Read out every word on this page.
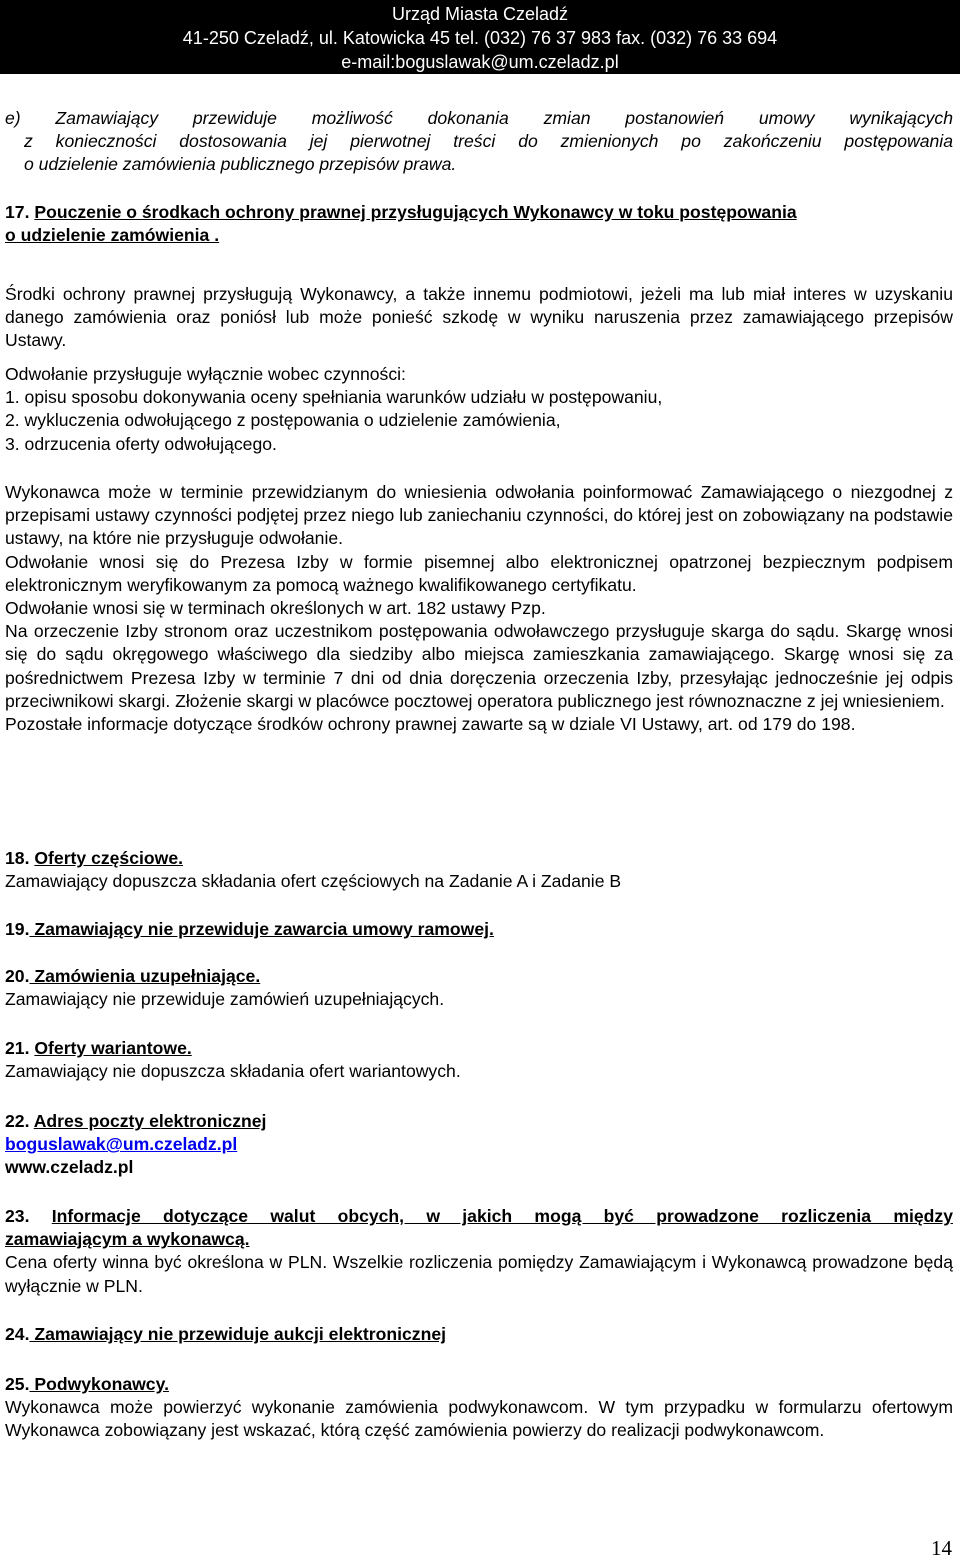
Urząd Miasta Czeladź
41-250 Czeladź, ul. Katowicka 45 tel. (032) 76 37 983 fax. (032) 76 33 694
e-mail:boguslawak@um.czeladz.pl
e) Zamawiający przewiduje możliwość dokonania zmian postanowień umowy wynikających
z konieczności dostosowania jej pierwotnej treści do zmienionych po zakończeniu postępowania
o udzielenie zamówienia publicznego przepisów prawa.
17. Pouczenie o środkach ochrony prawnej przysługujących Wykonawcy w toku postępowania
o udzielenie zamówienia .
Środki ochrony prawnej przysługują Wykonawcy, a także innemu podmiotowi, jeżeli ma lub miał interes w uzyskaniu danego zamówienia oraz poniósł lub może ponieść szkodę w wyniku naruszenia przez zamawiającego przepisów Ustawy.
Odwołanie przysługuje wyłącznie wobec czynności:
1. opisu sposobu dokonywania oceny spełniania warunków udziału w postępowaniu,
2. wykluczenia odwołującego z postępowania o udzielenie zamówienia,
3. odrzucenia oferty odwołującego.
Wykonawca może w terminie przewidzianym do wniesienia odwołania poinformować Zamawiającego o niezgodnej z przepisami ustawy czynności podjętej przez niego lub zaniechaniu czynności, do której jest on zobowiązany na podstawie ustawy, na które nie przysługuje odwołanie.
Odwołanie wnosi się do Prezesa Izby w formie pisemnej albo elektronicznej opatrzonej bezpiecznym podpisem elektronicznym weryfikowanym za pomocą ważnego kwalifikowanego certyfikatu.
Odwołanie wnosi się w terminach określonych w art. 182 ustawy Pzp.
Na orzeczenie Izby stronom oraz uczestnikom postępowania odwoławczego przysługuje skarga do sądu. Skargę wnosi się do sądu okręgowego właściwego dla siedziby albo miejsca zamieszkania zamawiającego. Skargę wnosi się za pośrednictwem Prezesa Izby w terminie 7 dni od dnia doręczenia orzeczenia Izby, przesyłając jednocześnie jej odpis przeciwnikowi skargi. Złożenie skargi w placówce pocztowej operatora publicznego jest równoznaczne z jej wniesieniem.
Pozostałe informacje dotyczące środków ochrony prawnej zawarte są w dziale VI Ustawy, art. od 179 do 198.
18. Oferty częściowe.
Zamawiający dopuszcza składania ofert częściowych na Zadanie A i Zadanie B
19. Zamawiający nie przewiduje zawarcia umowy ramowej.
20. Zamówienia uzupełniające.
Zamawiający nie przewiduje zamówień uzupełniających.
21. Oferty wariantowe.
Zamawiający nie dopuszcza składania ofert wariantowych.
22. Adres poczty elektronicznej
boguslawak@um.czeladz.pl
www.czeladz.pl
23. Informacje dotyczące walut obcych, w jakich mogą być prowadzone rozliczenia między
zamawiającym a wykonawcą.
Cena oferty winna być określona w PLN. Wszelkie rozliczenia pomiędzy Zamawiającym i Wykonawcą prowadzone będą wyłącznie w PLN.
24. Zamawiający nie przewiduje aukcji elektronicznej
25. Podwykonawcy.
Wykonawca może powierzyć wykonanie zamówienia podwykonawcom. W tym przypadku w formularzu ofertowym Wykonawca zobowiązany jest wskazać, którą część zamówienia powierzy do realizacji podwykonawcom.
14
